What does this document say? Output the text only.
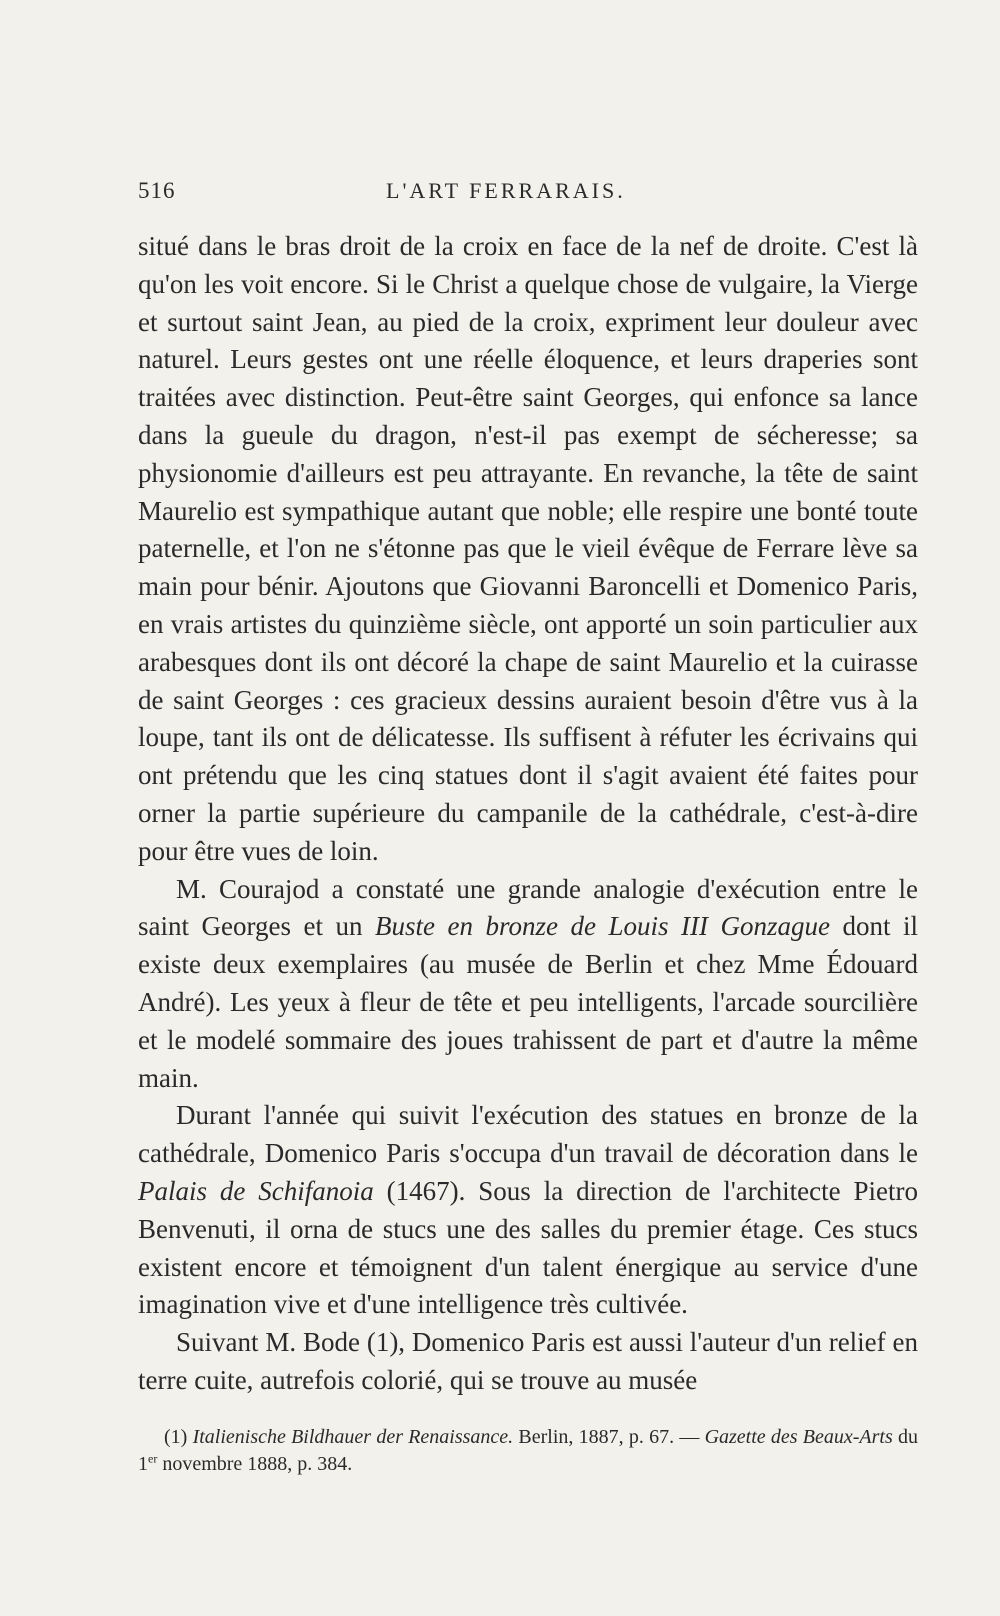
516	L'ART FERRARAIS.

situé dans le bras droit de la croix en face de la nef de droite. C'est là qu'on les voit encore. Si le Christ a quelque chose de vulgaire, la Vierge et surtout saint Jean, au pied de la croix, expriment leur douleur avec naturel. Leurs gestes ont une réelle éloquence, et leurs draperies sont traitées avec distinction. Peut-être saint Georges, qui enfonce sa lance dans la gueule du dragon, n'est-il pas exempt de sécheresse; sa physionomie d'ailleurs est peu attrayante. En revanche, la tête de saint Maurelio est sympathique autant que noble; elle respire une bonté toute paternelle, et l'on ne s'étonne pas que le vieil évêque de Ferrare lève sa main pour bénir. Ajoutons que Giovanni Baroncelli et Domenico Paris, en vrais artistes du quinzième siècle, ont apporté un soin particulier aux arabesques dont ils ont décoré la chape de saint Maurelio et la cuirasse de saint Georges : ces gracieux dessins auraient besoin d'être vus à la loupe, tant ils ont de délicatesse. Ils suffisent à réfuter les écrivains qui ont prétendu que les cinq statues dont il s'agit avaient été faites pour orner la partie supérieure du campanile de la cathédrale, c'est-à-dire pour être vues de loin.

M. Courajod a constaté une grande analogie d'exécution entre le saint Georges et un Buste en bronze de Louis III Gonzague dont il existe deux exemplaires (au musée de Berlin et chez Mme Édouard André). Les yeux à fleur de tête et peu intelligents, l'arcade sourcilière et le modelé sommaire des joues trahissent de part et d'autre la même main.

Durant l'année qui suivit l'exécution des statues en bronze de la cathédrale, Domenico Paris s'occupa d'un travail de décoration dans le Palais de Schifanoia (1467). Sous la direction de l'architecte Pietro Benvenuti, il orna de stucs une des salles du premier étage. Ces stucs existent encore et témoignent d'un talent énergique au service d'une imagination vive et d'une intelligence très cultivée.

Suivant M. Bode (1), Domenico Paris est aussi l'auteur d'un relief en terre cuite, autrefois colorié, qui se trouve au musée

(1) Italienische Bildhauer der Renaissance. Berlin, 1887, p. 67. — Gazette des Beaux-Arts du 1er novembre 1888, p. 384.
